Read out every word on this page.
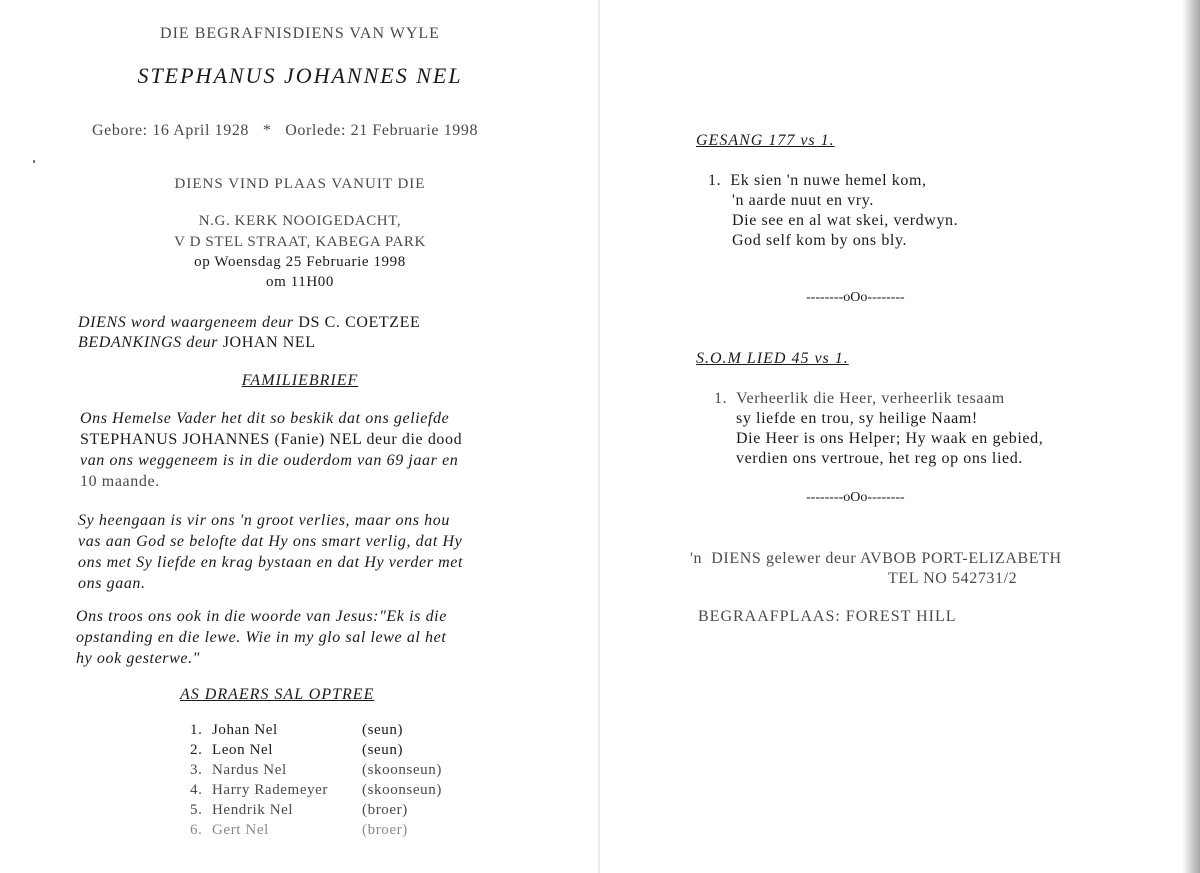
DIE BEGRAFNISDIENS VAN WYLE
STEPHANUS JOHANNES NEL
Gebore: 16 April 1928   *   Oorlede: 21 Februarie 1998
DIENS VIND PLAAS VANUIT DIE
N.G. KERK NOOIGEDACHT,
V D STEL STRAAT, KABEGA PARK
op Woensdag 25 Februarie 1998
om 11H00
DIENS word waargeneem deur DS C. COETZEE
BEDANKINGS deur JOHAN NEL
FAMILIEBRIEF
Ons Hemelse Vader het dit so beskik dat ons geliefde
STEPHANUS JOHANNES (Fanie) NEL deur die dood
van ons weggeneem is in die ouderdom van 69 jaar en
10 maande.
Sy heengaan is vir ons 'n groot verlies, maar ons hou
vas aan God se belofte dat Hy ons smart verlig, dat Hy
ons met Sy liefde en krag bystaan en dat Hy verder met
ons gaan.
Ons troos ons ook in die woorde van Jesus:"Ek is die
opstanding en die lewe. Wie in my glo sal lewe al het
hy ook gesterwe."
AS DRAERS SAL OPTREE
1. Johan Nel	(seun)
2. Leon Nel	(seun)
3. Nardus Nel	(skoonseun)
4. Harry Rademeyer (skoonseun)
5. Hendrik Nel	(broer)
6. Gert Nel	(broer)
GESANG 177 vs 1.
1.  Ek sien 'n nuwe hemel kom,
'n aarde nuut en vry.
Die see en al wat skei, verdwyn.
God self kom by ons bly.
--------oOo--------
S.O.M LIED 45 vs 1.
1.  Verheerlik die Heer, verheerlik tesaam
sy liefde en trou, sy heilige Naam!
Die Heer is ons Helper; Hy waak en gebied,
verdien ons vertroue, het reg op ons lied.
--------oOo--------
'n  DIENS gelewer deur AVBOB PORT-ELIZABETH
TEL NO 542731/2
BEGRAAFPLAAS: FOREST HILL
